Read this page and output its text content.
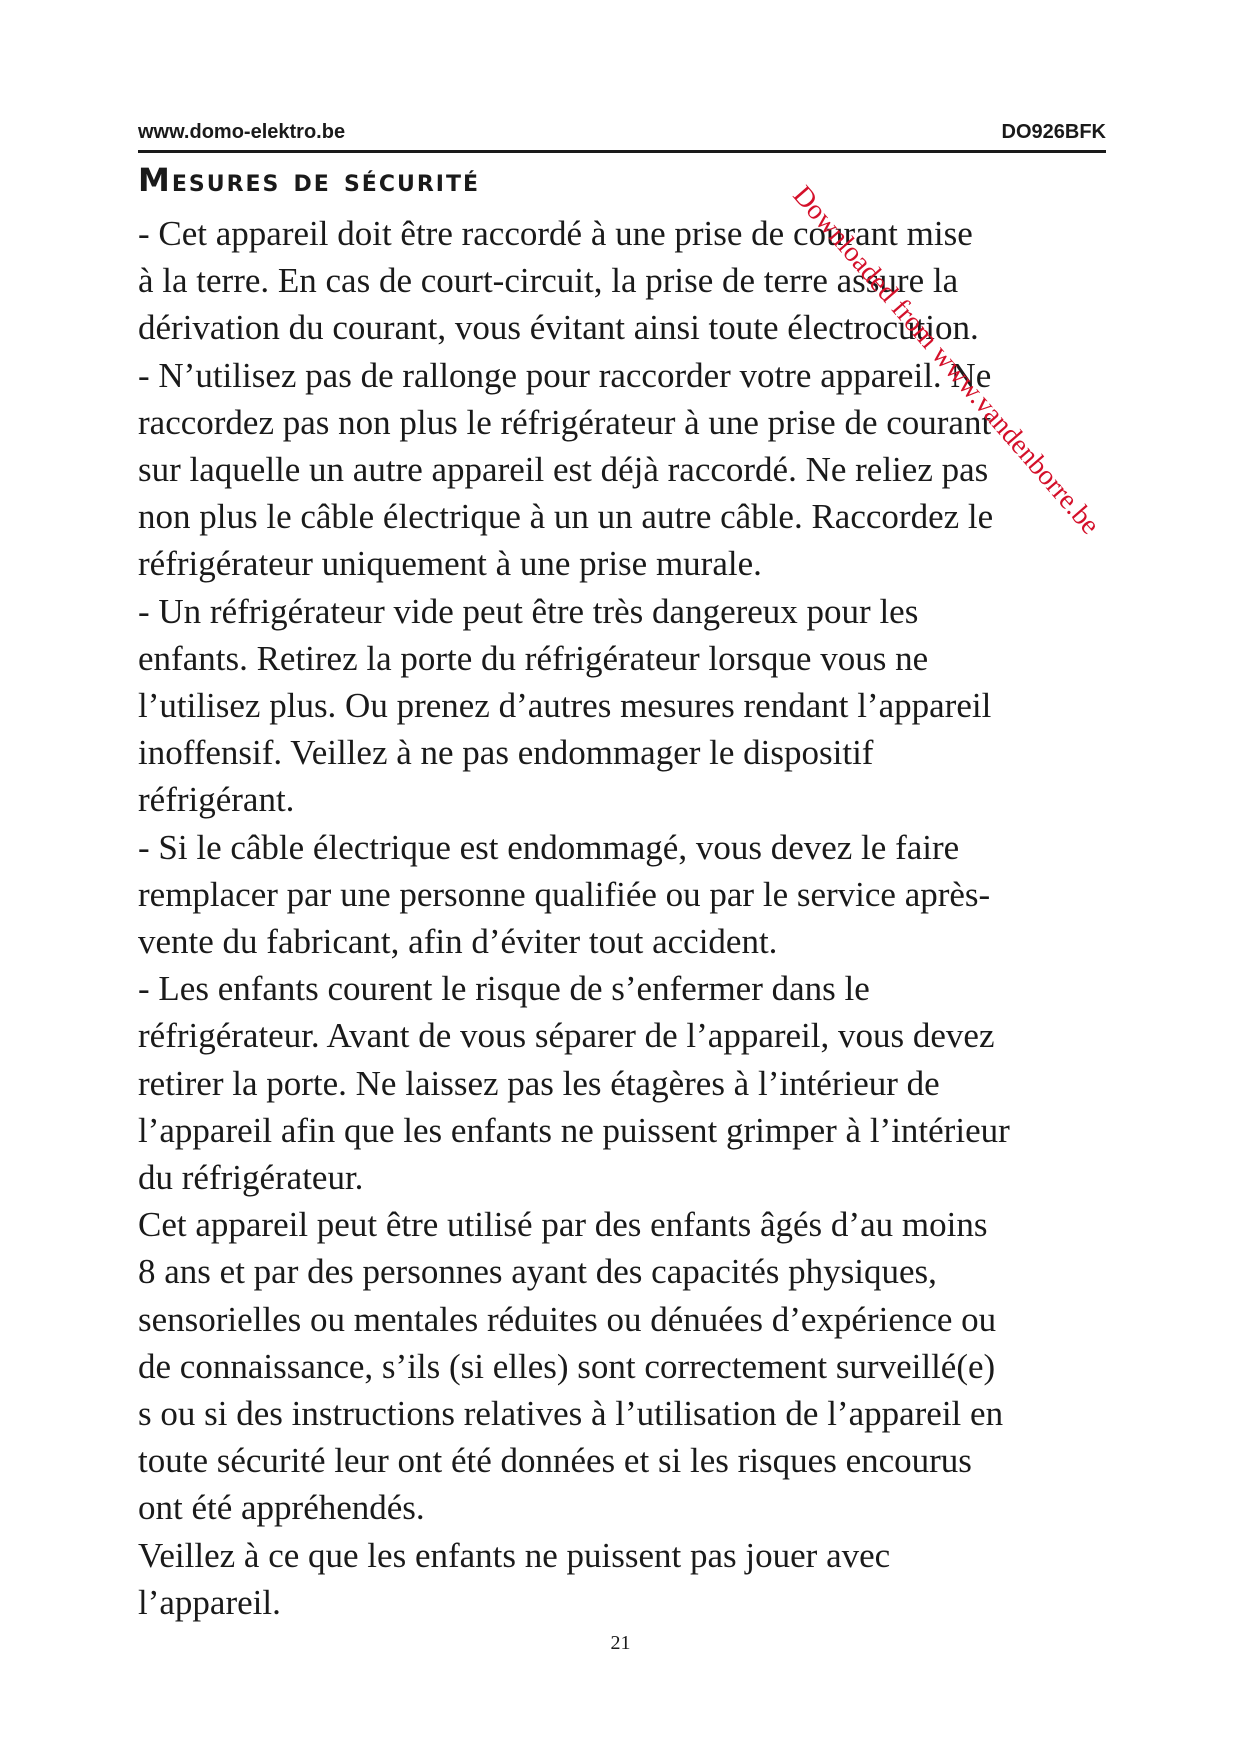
www.domo-elektro.be	DO926BFK
Mesures de sécurité

- Cet appareil doit être raccordé à une prise de courant mise
à la terre. En cas de court-circuit, la prise de terre assure la
dérivation du courant, vous évitant ainsi toute électrocution.

- N’utilisez pas de rallonge pour raccorder votre appareil. Ne
raccordez pas non plus le réfrigérateur à une prise de courant
sur laquelle un autre appareil est déjà raccordé. Ne reliez pas
non plus le câble électrique à un un autre câble. Raccordez le
réfrigérateur uniquement à une prise murale.

- Un réfrigérateur vide peut être très dangereux pour les
enfants. Retirez la porte du réfrigérateur lorsque vous ne
l’utilisez plus. Ou prenez d’autres mesures rendant l’appareil
inoffensif. Veillez à ne pas endommager le dispositif
réfrigérant.

- Si le câble électrique est endommagé, vous devez le faire
remplacer par une personne qualifiée ou par le service après-
vente du fabricant, afin d’éviter tout accident.

- Les enfants courent le risque de s’enfermer dans le
réfrigérateur. Avant de vous séparer de l’appareil, vous devez
retirer la porte. Ne laissez pas les étagères à l’intérieur de
l’appareil afin que les enfants ne puissent grimper à l’intérieur
du réfrigérateur.

Cet appareil peut être utilisé par des enfants âgés d’au moins
8 ans et par des personnes ayant des capacités physiques,
sensorielles ou mentales réduites ou dénuées d’expérience ou
de connaissance, s’ils (si elles) sont correctement surveillé(e)
s ou si des instructions relatives à l’utilisation de l’appareil en
toute sécurité leur ont été données et si les risques encourus
ont été appréhendés.

Veillez à ce que les enfants ne puissent pas jouer avec
l’appareil.

21
Downloaded from www.vandenborre.be
